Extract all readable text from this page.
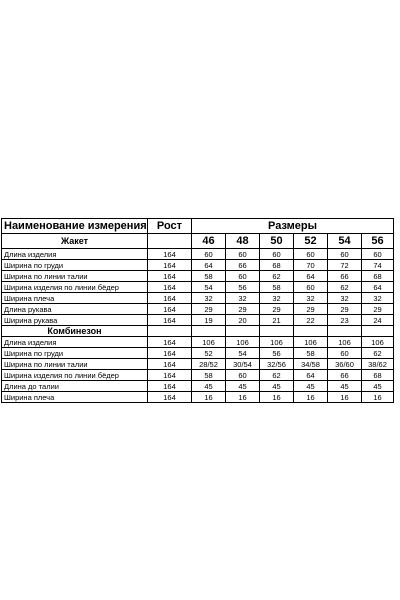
Наименование измерения	Рост	Размеры					
Жакет		46	48	50	52	54	56
Длина изделия	164	60	60	60	60	60	60
Ширина по груди	164	64	66	68	70	72	74
Ширина по линии талии	164	58	60	62	64	66	68
Ширина изделия по линии бёдер	164	54	56	58	60	62	64
Ширина плеча	164	32	32	32	32	32	32
Длина рукава	164	29	29	29	29	29	29
Ширина рукава	164	19	20	21	22	23	24
Комбинезон							
Длина изделия	164	106	106	106	106	106	106
Ширина по груди	164	52	54	56	58	60	62
Ширина по линии талии	164	28/52	30/54	32/56	34/58	36/60	38/62
Ширина изделия по линии бёдер	164	58	60	62	64	66	68
Длина до талии	164	45	45	45	45	45	45
Ширина плеча	164	16	16	16	16	16	16
